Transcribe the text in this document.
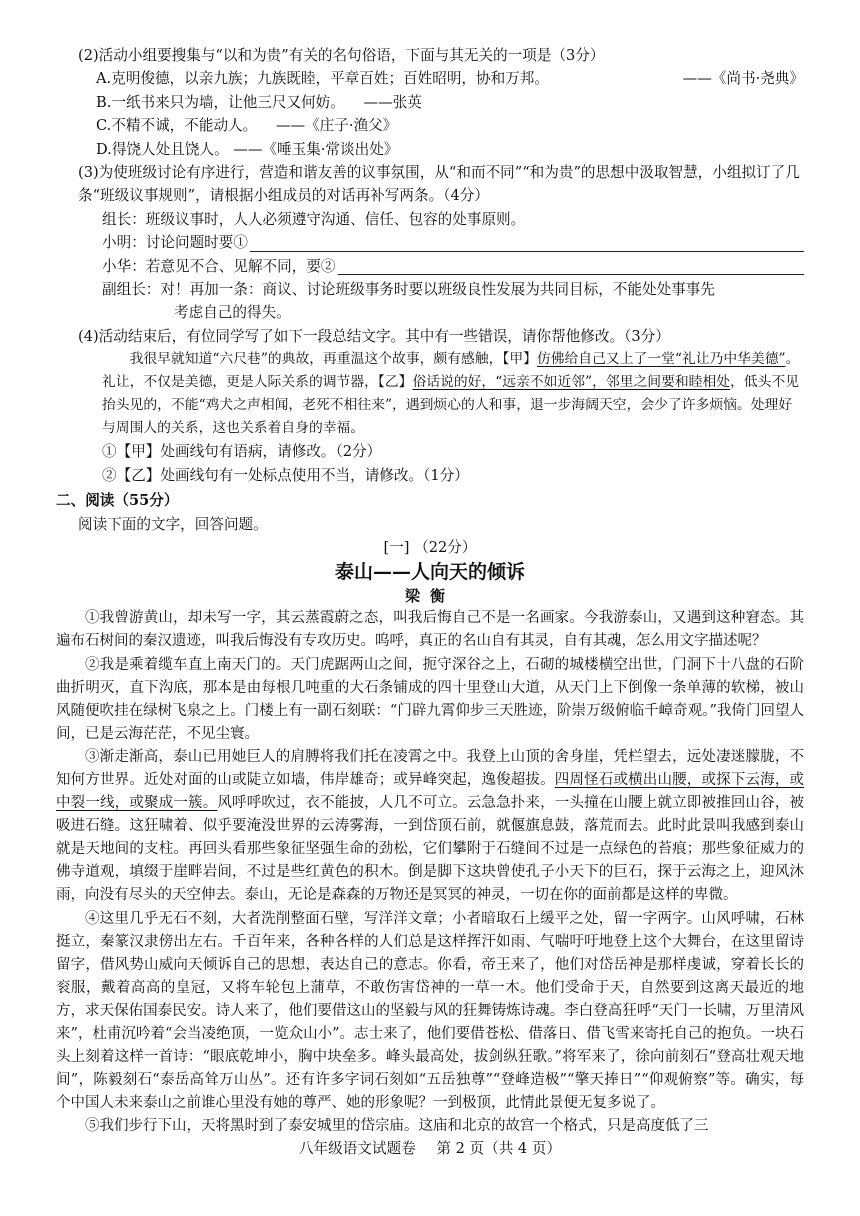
(2)活动小组要搜集与“以和为贵”有关的名句俗语，下面与其无关的一项是（3分）

A.克明俊德，以亲九族；九族既睦，平章百姓；百姓昭明，协和万邦。	——《尚书·尧典》
B.一纸书来只为墙，让他三尺又何妨。 ——张英
C.不精不诚，不能动人。 ——《庄子·渔父》
D.得饶人处且饶人。 ——《唾玉集·常谈出处》

(3)为使班级讨论有序进行，营造和谐友善的议事氛围，从“和而不同”“和为贵”的思想中汲取智慧，小组拟订了几条“班级议事规则”，请根据小组成员的对话再补写两条。（4分）

组长：班级议事时，人人必须遵守沟通、信任、包容的处事原则。
小明：讨论问题时要①
小华：若意见不合、见解不同，要②
副组长：对！再加一条：商议、讨论班级事务时要以班级良性发展为共同目标，不能处处事事先
考虑自己的得失。

(4)活动结束后，有位同学写了如下一段总结文字。其中有一些错误，请你帮他修改。（3分）

我很早就知道“六尺巷”的典故，再重温这个故事，颇有感触，【甲】仿佛给自己又上了一堂“礼让乃中华美德”。礼让，不仅是美德，更是人际关系的调节器，【乙】俗话说的好，“远亲不如近邻”，邻里之间要和睦相处，低头不见抬头见的，不能“鸡犬之声相闻，老死不相往来”，遇到烦心的人和事，退一步海阔天空，会少了许多烦恼。处理好与周围人的关系，这也关系着自身的幸福。

①【甲】处画线句有语病，请修改。（2分）
②【乙】处画线句有一处标点使用不当，请修改。（1分）
二、阅读（55分）
阅读下面的文字，回答问题。
[一] （22分）
泰山——人向天的倾诉
梁衡

①我曾游黄山，却未写一字，其云蒸霞蔚之态，叫我后悔自己不是一名画家。今我游泰山，又遇到这种窘态。其遍布石树间的秦汉遗迹，叫我后悔没有专攻历史。呜呼，真正的名山自有其灵，自有其魂，怎么用文字描述呢？

②我是乘着缆车直上南天门的。天门虎踞两山之间，扼守深谷之上，石砌的城楼横空出世，门洞下十八盘的石阶曲折明灭，直下沟底，那本是由每根几吨重的大石条铺成的四十里登山大道，从天门上下倒像一条单薄的软梯，被山风随便吹挂在绿树飞泉之上。门楼上有一副石刻联：“门辟九霄仰步三天胜迹，阶崇万级俯临千嶂奇观。”我倚门回望人间，已是云海茫茫，不见尘寰。

③渐走渐高，泰山已用她巨人的肩膊将我们托在凌霄之中。我登上山顶的舍身崖，凭栏望去，远处凄迷朦胧，不知何方世界。近处对面的山或陡立如墙，伟岸雄奇；或异峰突起，逸俊超拔。四周怪石或横出山腰，或探下云海，或中裂一线，或聚成一簇。风呼呼吹过，衣不能披，人几不可立。云急急扑来，一头撞在山腰上就立即被推回山谷，被吸进石缝。这狂啸着、似乎要淹没世界的云涛雾海，一到岱顶石前，就偃旗息鼓，落荒而去。此时此景叫我感到泰山就是天地间的支柱。再回头看那些象征坚强生命的劲松，它们攀附于石缝间不过是一点绿色的苔痕；那些象征威力的佛寺道观，填缀于崖畔岩间，不过是些红黄色的积木。倒是脚下这块曾使孔子小天下的巨石，探于云海之上，迎风沐雨，向没有尽头的天空伸去。泰山，无论是森森的万物还是冥冥的神灵，一切在你的面前都是这样的卑微。

④这里几乎无石不刻，大者洗削整面石壁，写洋洋文章；小者暗取石上缓平之处，留一字两字。山风呼啸，石林挺立，秦篆汉隶傍出左右。千百年来，各种各样的人们总是这样挥汗如雨、气喘吁吁地登上这个大舞台，在这里留诗留字，借风势山威向天倾诉自己的思想，表达自己的意志。你看，帝王来了，他们对岱岳神是那样虔诚，穿着长长的衮服，戴着高高的皇冠，又将车轮包上蒲草，不敢伤害岱神的一草一木。他们受命于天，自然要到这离天最近的地方，求天保佑国泰民安。诗人来了，他们要借这山的坚毅与风的狂舞铸炼诗魂。李白登高狂呼“天门一长啸，万里清风来”，杜甫沉吟着“会当凌绝顶，一览众山小”。志士来了，他们要借苍松、借落日、借飞雪来寄托自己的抱负。一块石头上刻着这样一首诗：“眼底乾坤小，胸中块垒多。峰头最高处，拔剑纵狂歌。”将军来了，徐向前刻石“登高壮观天地间”，陈毅刻石“泰岳高耸万山丛”。还有许多字词石刻如“五岳独尊”“登峰造极”“擎天捧日”“仰观俯察”等。确实，每个中国人未来泰山之前谁心里没有她的尊严、她的形象呢？一到极顶，此情此景便无复多说了。

⑤我们步行下山，天将黑时到了泰安城里的岱宗庙。这庙和北京的故宫一个格式，只是高度低了三

八年级语文试题卷 第 2 页（共 4 页）
